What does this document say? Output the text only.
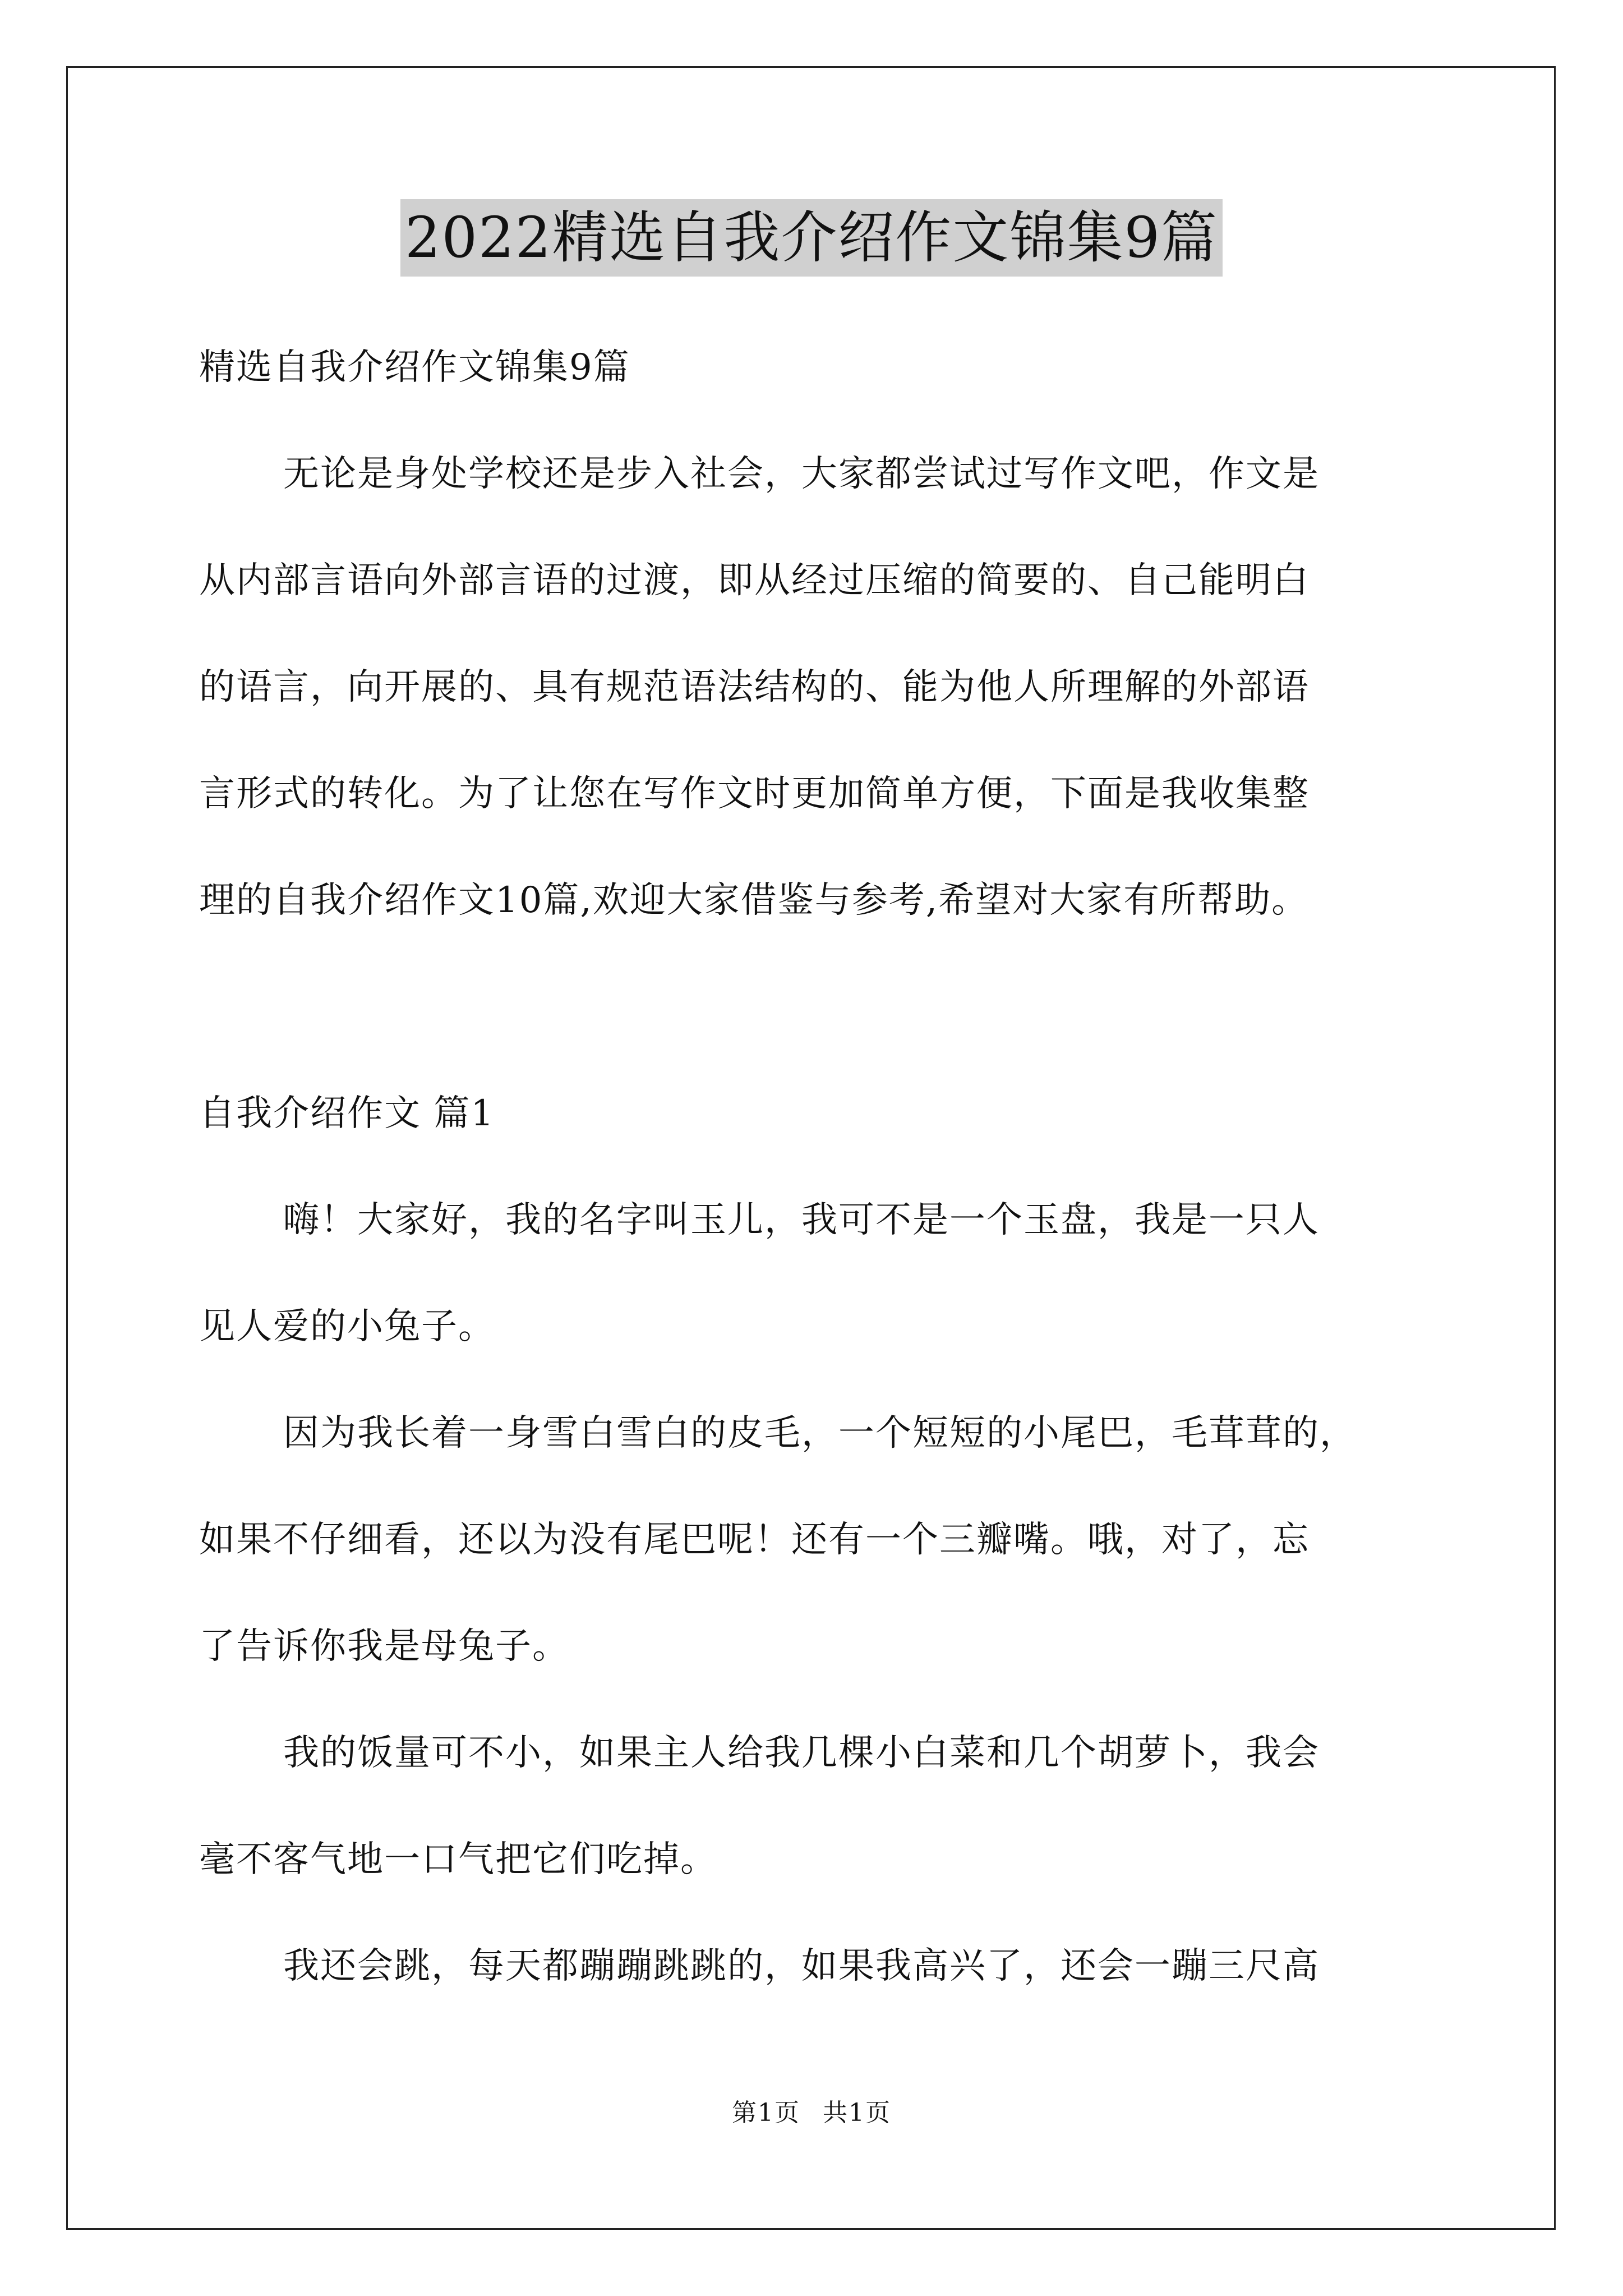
2022精选自我介绍作文锦集9篇
精选自我介绍作文锦集9篇
无论是身处学校还是步入社会，大家都尝试过写作文吧，作文是
从内部言语向外部言语的过渡，即从经过压缩的简要的、自己能明白
的语言，向开展的、具有规范语法结构的、能为他人所理解的外部语
言形式的转化。为了让您在写作文时更加简单方便，下面是我收集整
理的自我介绍作文10篇,欢迎大家借鉴与参考,希望对大家有所帮助。
自我介绍作文 篇1
嗨！大家好，我的名字叫玉儿，我可不是一个玉盘，我是一只人
见人爱的小兔子。
因为我长着一身雪白雪白的皮毛，一个短短的小尾巴，毛茸茸的，
如果不仔细看，还以为没有尾巴呢！还有一个三瓣嘴。哦，对了，忘
了告诉你我是母兔子。
我的饭量可不小，如果主人给我几棵小白菜和几个胡萝卜，我会
毫不客气地一口气把它们吃掉。
我还会跳，每天都蹦蹦跳跳的，如果我高兴了，还会一蹦三尺高
第1页 共1页
